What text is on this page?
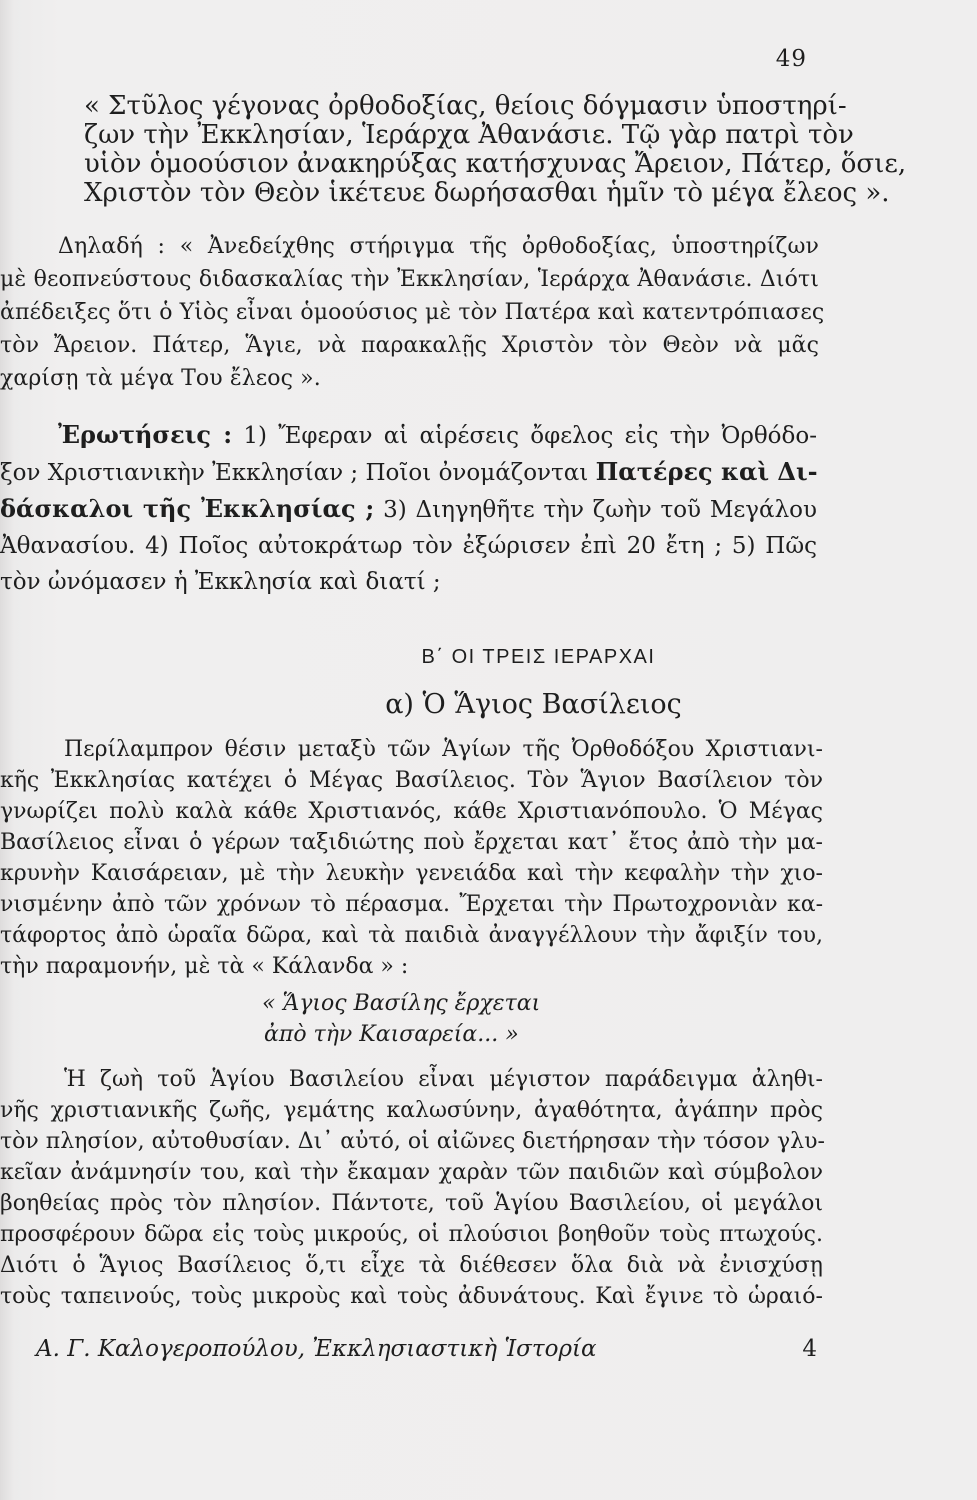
49
« Στῦλος γέγονας ὀρθοδοξίας, θείοις δόγμασιν ὑποστηρί-
ζων τὴν Ἐκκλησίαν, Ἱεράρχα Ἀθανάσιε. Τῷ γὰρ πατρὶ τὸν
υἱὸν ὁμοούσιον ἀνακηρύξας κατήσχυνας Ἄρειον, Πάτερ, ὅσιε,
Χριστὸν τὸν Θεὸν ἱκέτευε δωρήσασθαι ἡμῖν τὸ μέγα ἔλεος ».
Δηλαδή : « Ἀνεδείχθης στήριγμα τῆς ὀρθοδοξίας, ὑποστηρίζων
μὲ θεοπνεύστους διδασκαλίας τὴν Ἐκκλησίαν, Ἱεράρχα Ἀθανάσιε. Διότι
ἀπέδειξες ὅτι ὁ Υἱὸς εἶναι ὁμοούσιος μὲ τὸν Πατέρα καὶ κατεντρόπιασες
τὸν Ἄρειον. Πάτερ, Ἅγιε, νὰ παρακαλῇς Χριστὸν τὸν Θεὸν νὰ μᾶς
χαρίσῃ τὰ μέγα Του ἔλεος ».
Ἐρωτήσεις : 1) Ἔφεραν αἱ αἱρέσεις ὄφελος εἰς τὴν Ὀρθόδο-
ξον Χριστιανικὴν Ἐκκλησίαν ; Ποῖοι ὀνομάζονται Πατέρες καὶ Δι-
δάσκαλοι τῆς Ἐκκλησίας ; 3) Διηγηθῆτε τὴν ζωὴν τοῦ Μεγάλου
Ἀθανασίου. 4) Ποῖος αὐτοκράτωρ τὸν ἐξώρισεν ἐπὶ 20 ἔτη ; 5) Πῶς
τὸν ὠνόμασεν ἡ Ἐκκλησία καὶ διατί ;
Β΄ ΟΙ ΤΡΕΙΣ ΙΕΡΑΡΧΑΙ
α) Ὁ Ἅγιος Βασίλειος
Περίλαμπρον θέσιν μεταξὺ τῶν Ἁγίων τῆς Ὀρθοδόξου Χριστιανι-
κῆς Ἐκκλησίας κατέχει ὁ Μέγας Βασίλειος. Τὸν Ἅγιον Βασίλειον τὸν
γνωρίζει πολὺ καλὰ κάθε Χριστιανός, κάθε Χριστιανόπουλο. Ὁ Μέγας
Βασίλειος εἶναι ὁ γέρων ταξιδιώτης ποὺ ἔρχεται κατ᾿ ἔτος ἀπὸ τὴν μα-
κρυνὴν Καισάρειαν, μὲ τὴν λευκὴν γενειάδα καὶ τὴν κεφαλὴν τὴν χιο-
νισμένην ἀπὸ τῶν χρόνων τὸ πέρασμα. Ἔρχεται τὴν Πρωτοχρονιὰν κα-
τάφορτος ἀπὸ ὡραῖα δῶρα, καὶ τὰ παιδιὰ ἀναγγέλλουν τὴν ἄφιξίν του,
τὴν παραμονήν, μὲ τὰ « Κάλανδα » :
« Ἅγιος Βασίλης ἔρχεται
ἀπὸ τὴν Καισαρεία... »
Ἡ ζωὴ τοῦ Ἁγίου Βασιλείου εἶναι μέγιστον παράδειγμα ἀληθι-
νῆς χριστιανικῆς ζωῆς, γεμάτης καλωσύνην, ἀγαθότητα, ἀγάπην πρὸς
τὸν πλησίον, αὐτοθυσίαν. Δι᾿ αὐτό, οἱ αἰῶνες διετήρησαν τὴν τόσον γλυ-
κεῖαν ἀνάμνησίν του, καὶ τὴν ἔκαμαν χαρὰν τῶν παιδιῶν καὶ σύμβολον
βοηθείας πρὸς τὸν πλησίον. Πάντοτε, τοῦ Ἁγίου Βασιλείου, οἱ μεγάλοι
προσφέρουν δῶρα εἰς τοὺς μικρούς, οἱ πλούσιοι βοηθοῦν τοὺς πτωχούς.
Διότι ὁ Ἅγιος Βασίλειος ὅ,τι εἶχε τὰ διέθεσεν ὅλα διὰ νὰ ἐνισχύσῃ
τοὺς ταπεινούς, τοὺς μικροὺς καὶ τοὺς ἀδυνάτους. Καὶ ἔγινε τὸ ὡραιό-
Α. Γ. Καλογεροπούλου, Ἐκκλησιαστικὴ Ἱστορία	4
